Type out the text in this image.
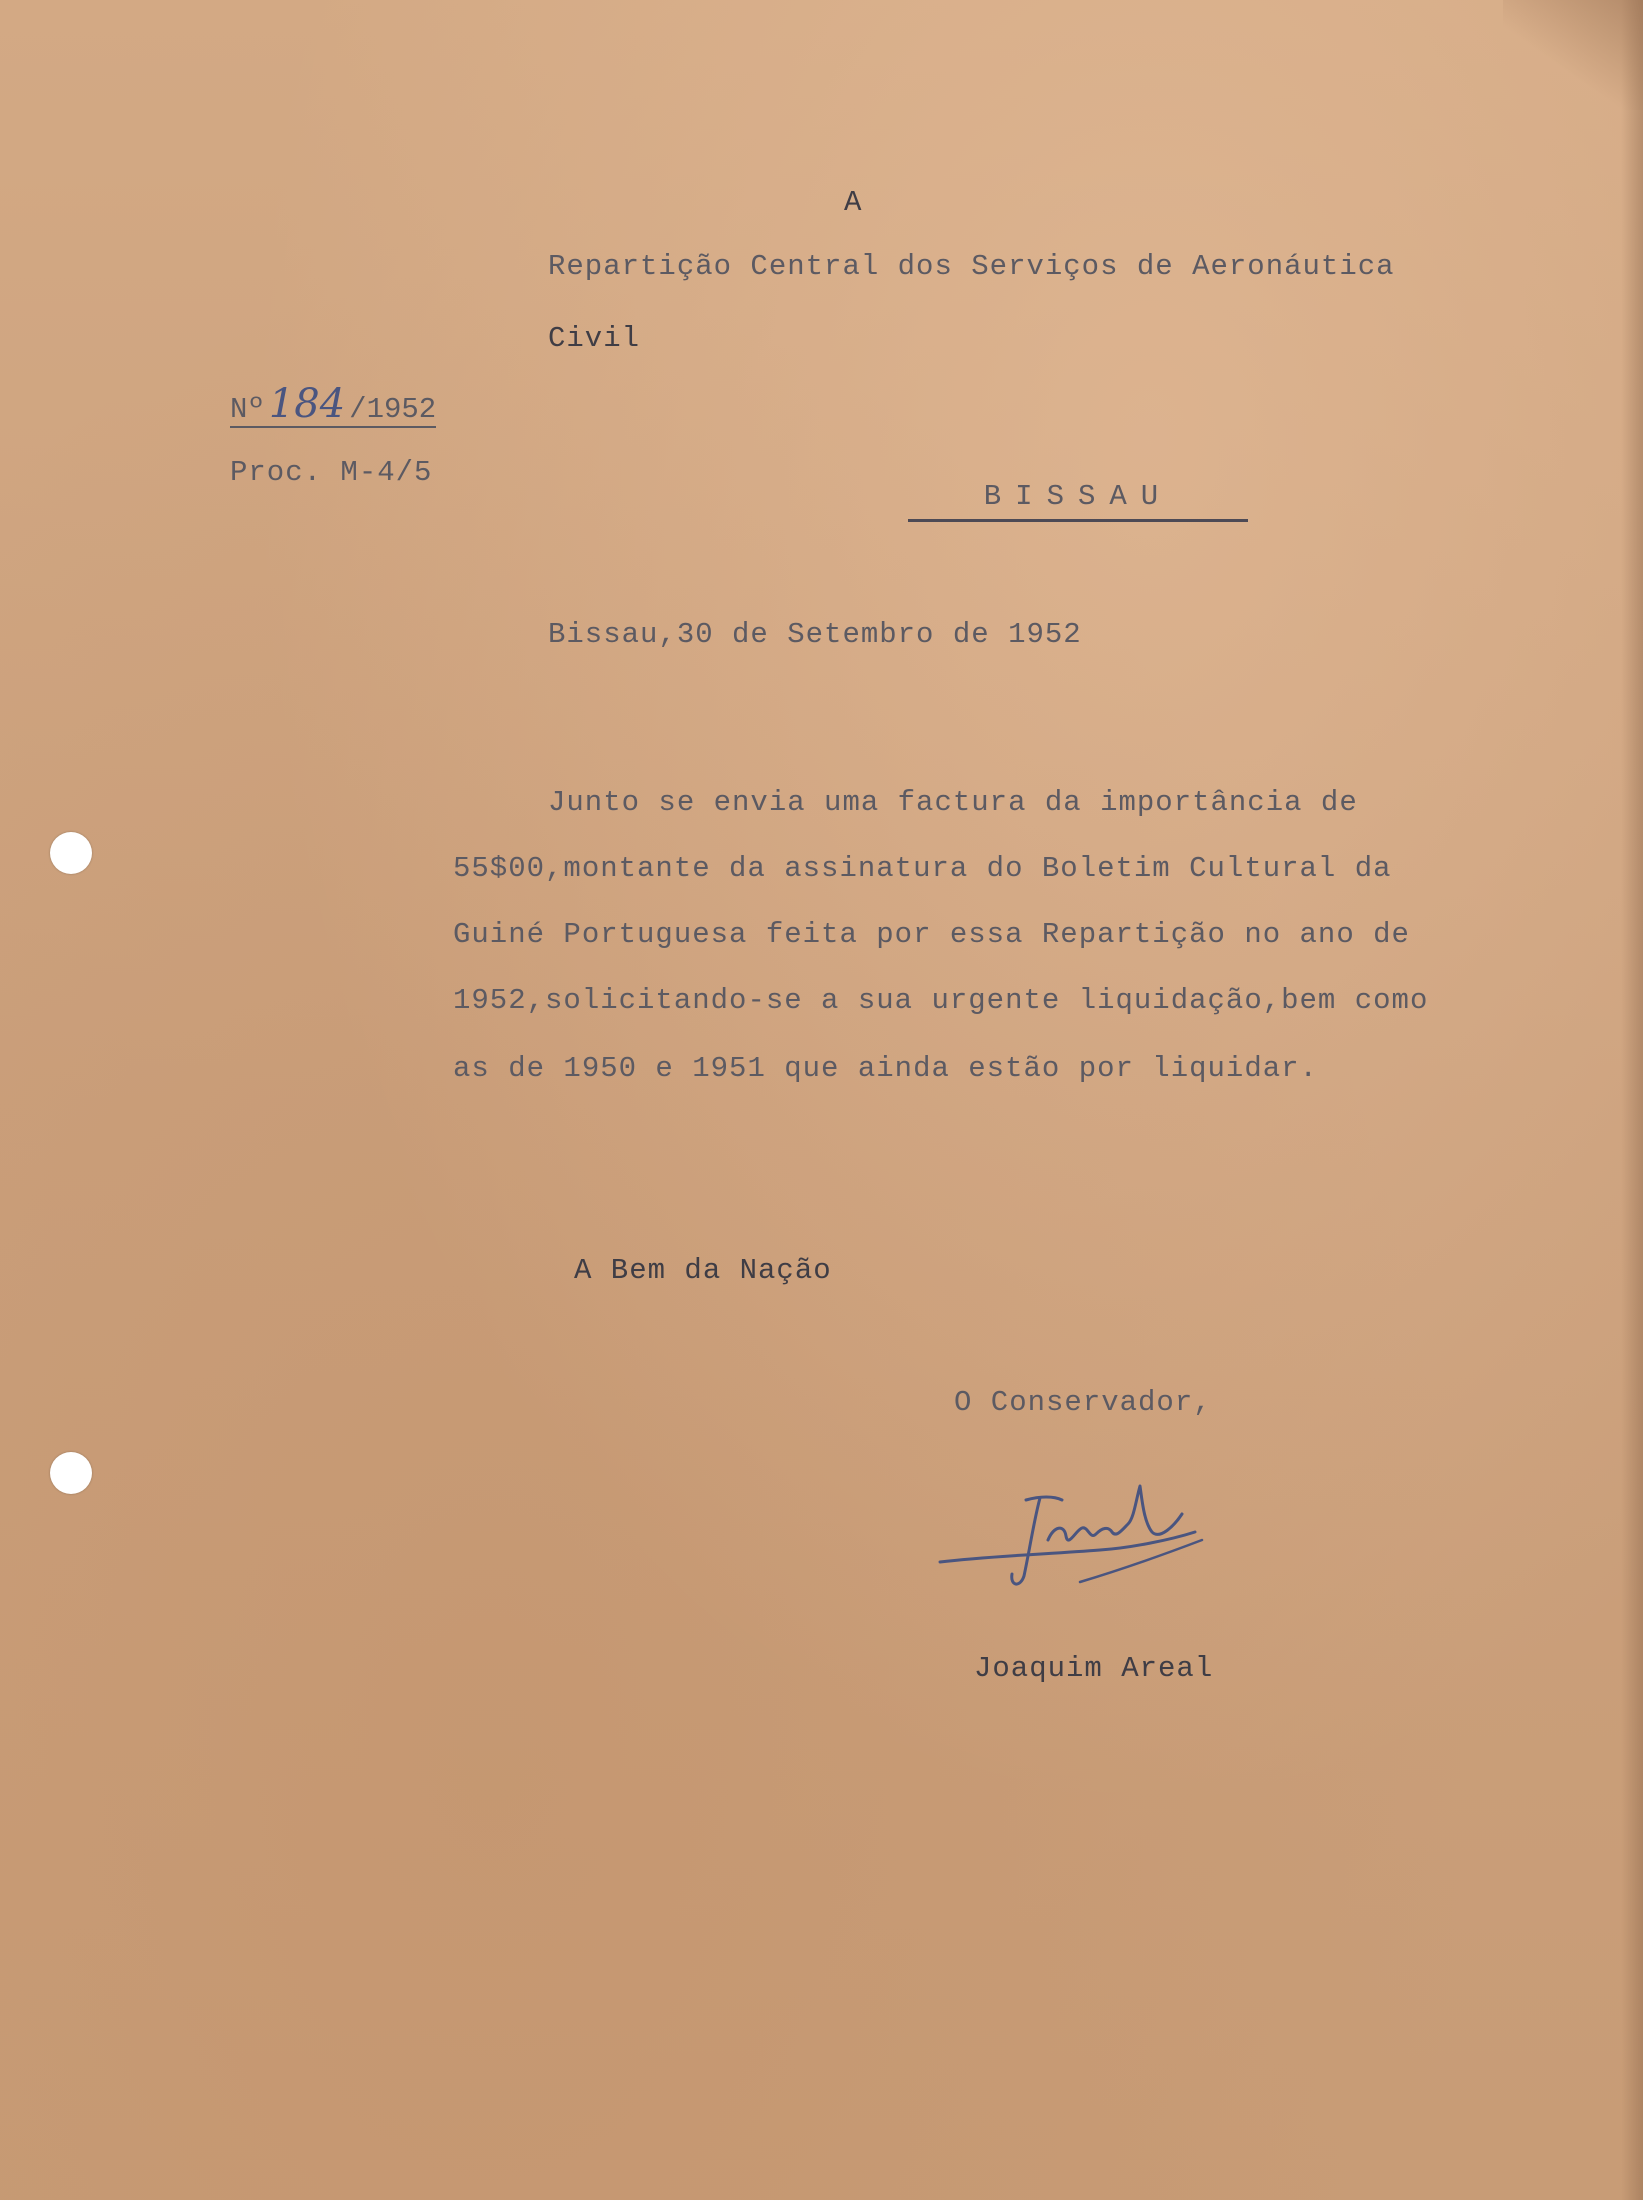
A

Repartição Central dos Serviços de Aeronáutica

Civil

Nº 184 /1952

Proc. M-4/5

BISSAU

Bissau,30 de Setembro de 1952

Junto se envia uma factura da importância de

55$00,montante da assinatura do Boletim Cultural da

Guiné Portuguesa feita por essa Repartição no ano de

1952,solicitando-se a sua urgente liquidação,bem como

as de 1950 e 1951 que ainda estão por liquidar.

A Bem da Nação

O Conservador,

Joaquim Areal
